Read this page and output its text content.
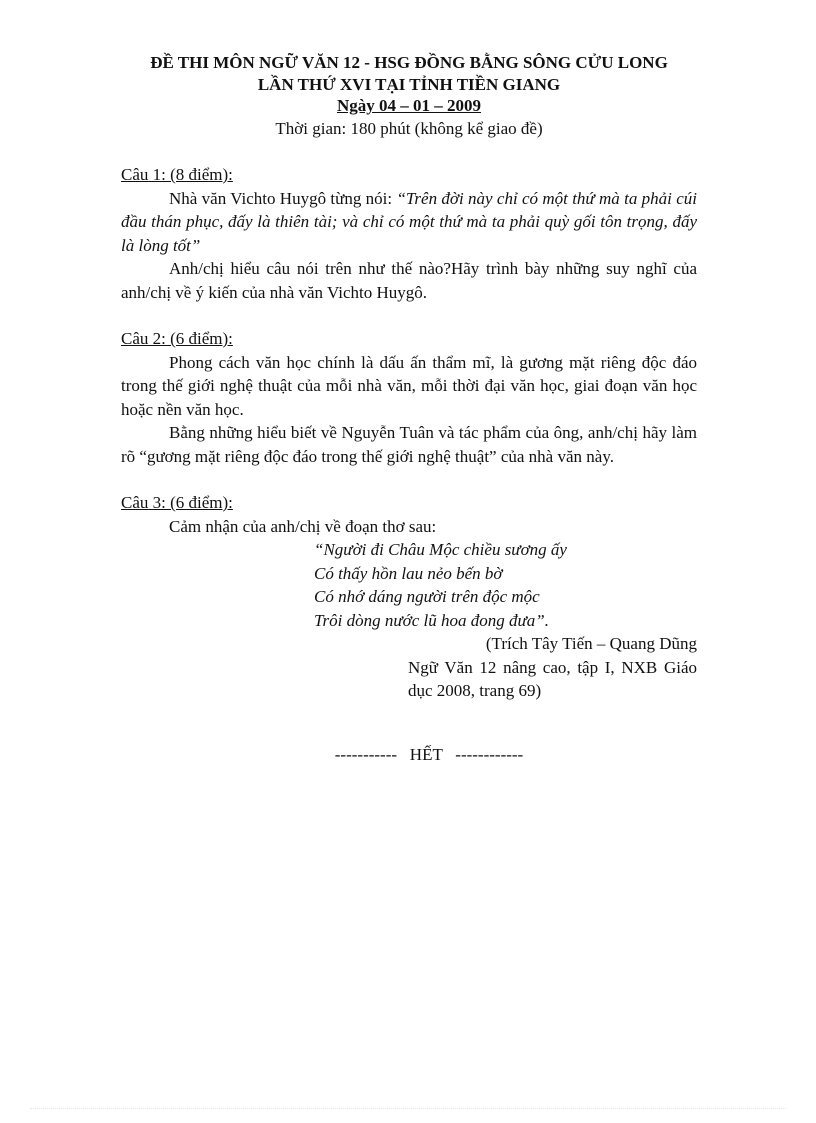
ĐỀ THI MÔN NGỮ VĂN 12 - HSG ĐỒNG BẰNG SÔNG CỬU LONG
LẦN THỨ XVI TẠI TỈNH TIỀN GIANG
Ngày 04 – 01 – 2009
Thời gian: 180 phút (không kể giao đề)
Câu 1: (8 điểm):
Nhà văn Vichto Huygô từng nói: “Trên đời này chỉ có một thứ mà ta phải cúi đầu thán phục, đấy là thiên tài; và chỉ có một thứ mà ta phải quỳ gối tôn trọng, đấy là lòng tốt”
Anh/chị hiểu câu nói trên như thế nào?Hãy trình bày những suy nghĩ của anh/chị về ý kiến của nhà văn Vichto Huygô.
Câu 2: (6 điểm):
Phong cách văn học chính là dấu ấn thẩm mĩ, là gương mặt riêng độc đáo trong thế giới nghệ thuật của mỗi nhà văn, mỗi thời đại văn học, giai đoạn văn học hoặc nền văn học.
Bằng những hiểu biết về Nguyễn Tuân và tác phẩm của ông, anh/chị hãy làm rõ “gương mặt riêng độc đáo trong thế giới nghệ thuật” của nhà văn này.
Câu 3: (6 điểm):
Cảm nhận của anh/chị về đoạn thơ sau:
“Người đi Châu Mộc chiều sương ấy
Có thấy hồn lau nẻo bến bờ
Có nhớ dáng người trên độc mộc
Trôi dòng nước lũ hoa đong đưa”.
(Trích Tây Tiến – Quang Dũng
Ngữ Văn 12 nâng cao, tập I, NXB Giáo dục 2008, trang 69)
-----------   HẾT   ------------
